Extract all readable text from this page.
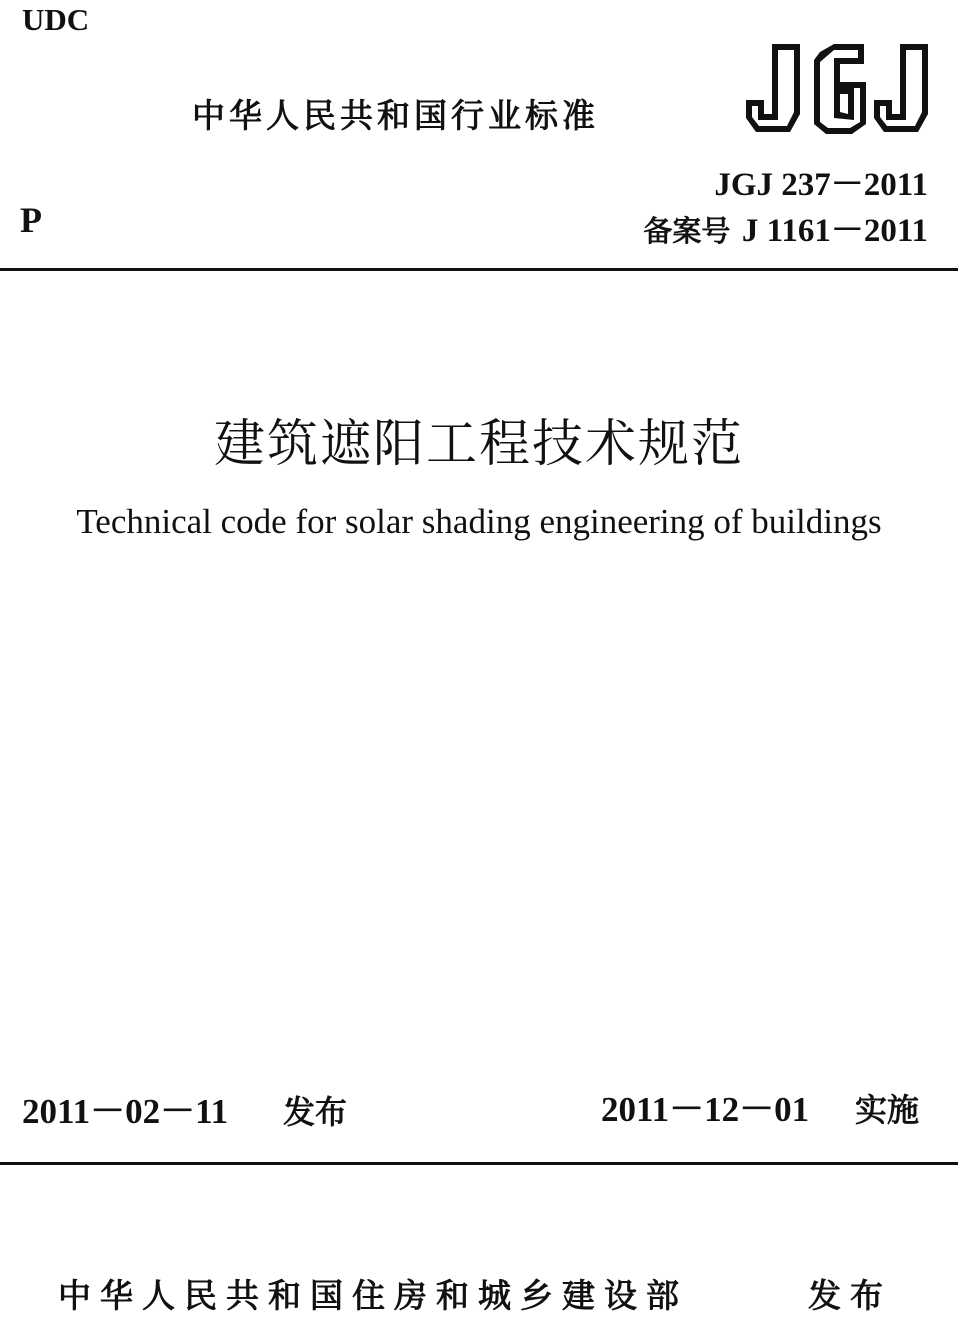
UDC
中华人民共和国行业标准
JGJ 237－2011
P	备案号 J 1161－2011
建筑遮阳工程技术规范
Technical code for solar shading engineering of buildings
2011－02－11 发布	2011－12－01 实施
中华人民共和国住房和城乡建设部	发布
